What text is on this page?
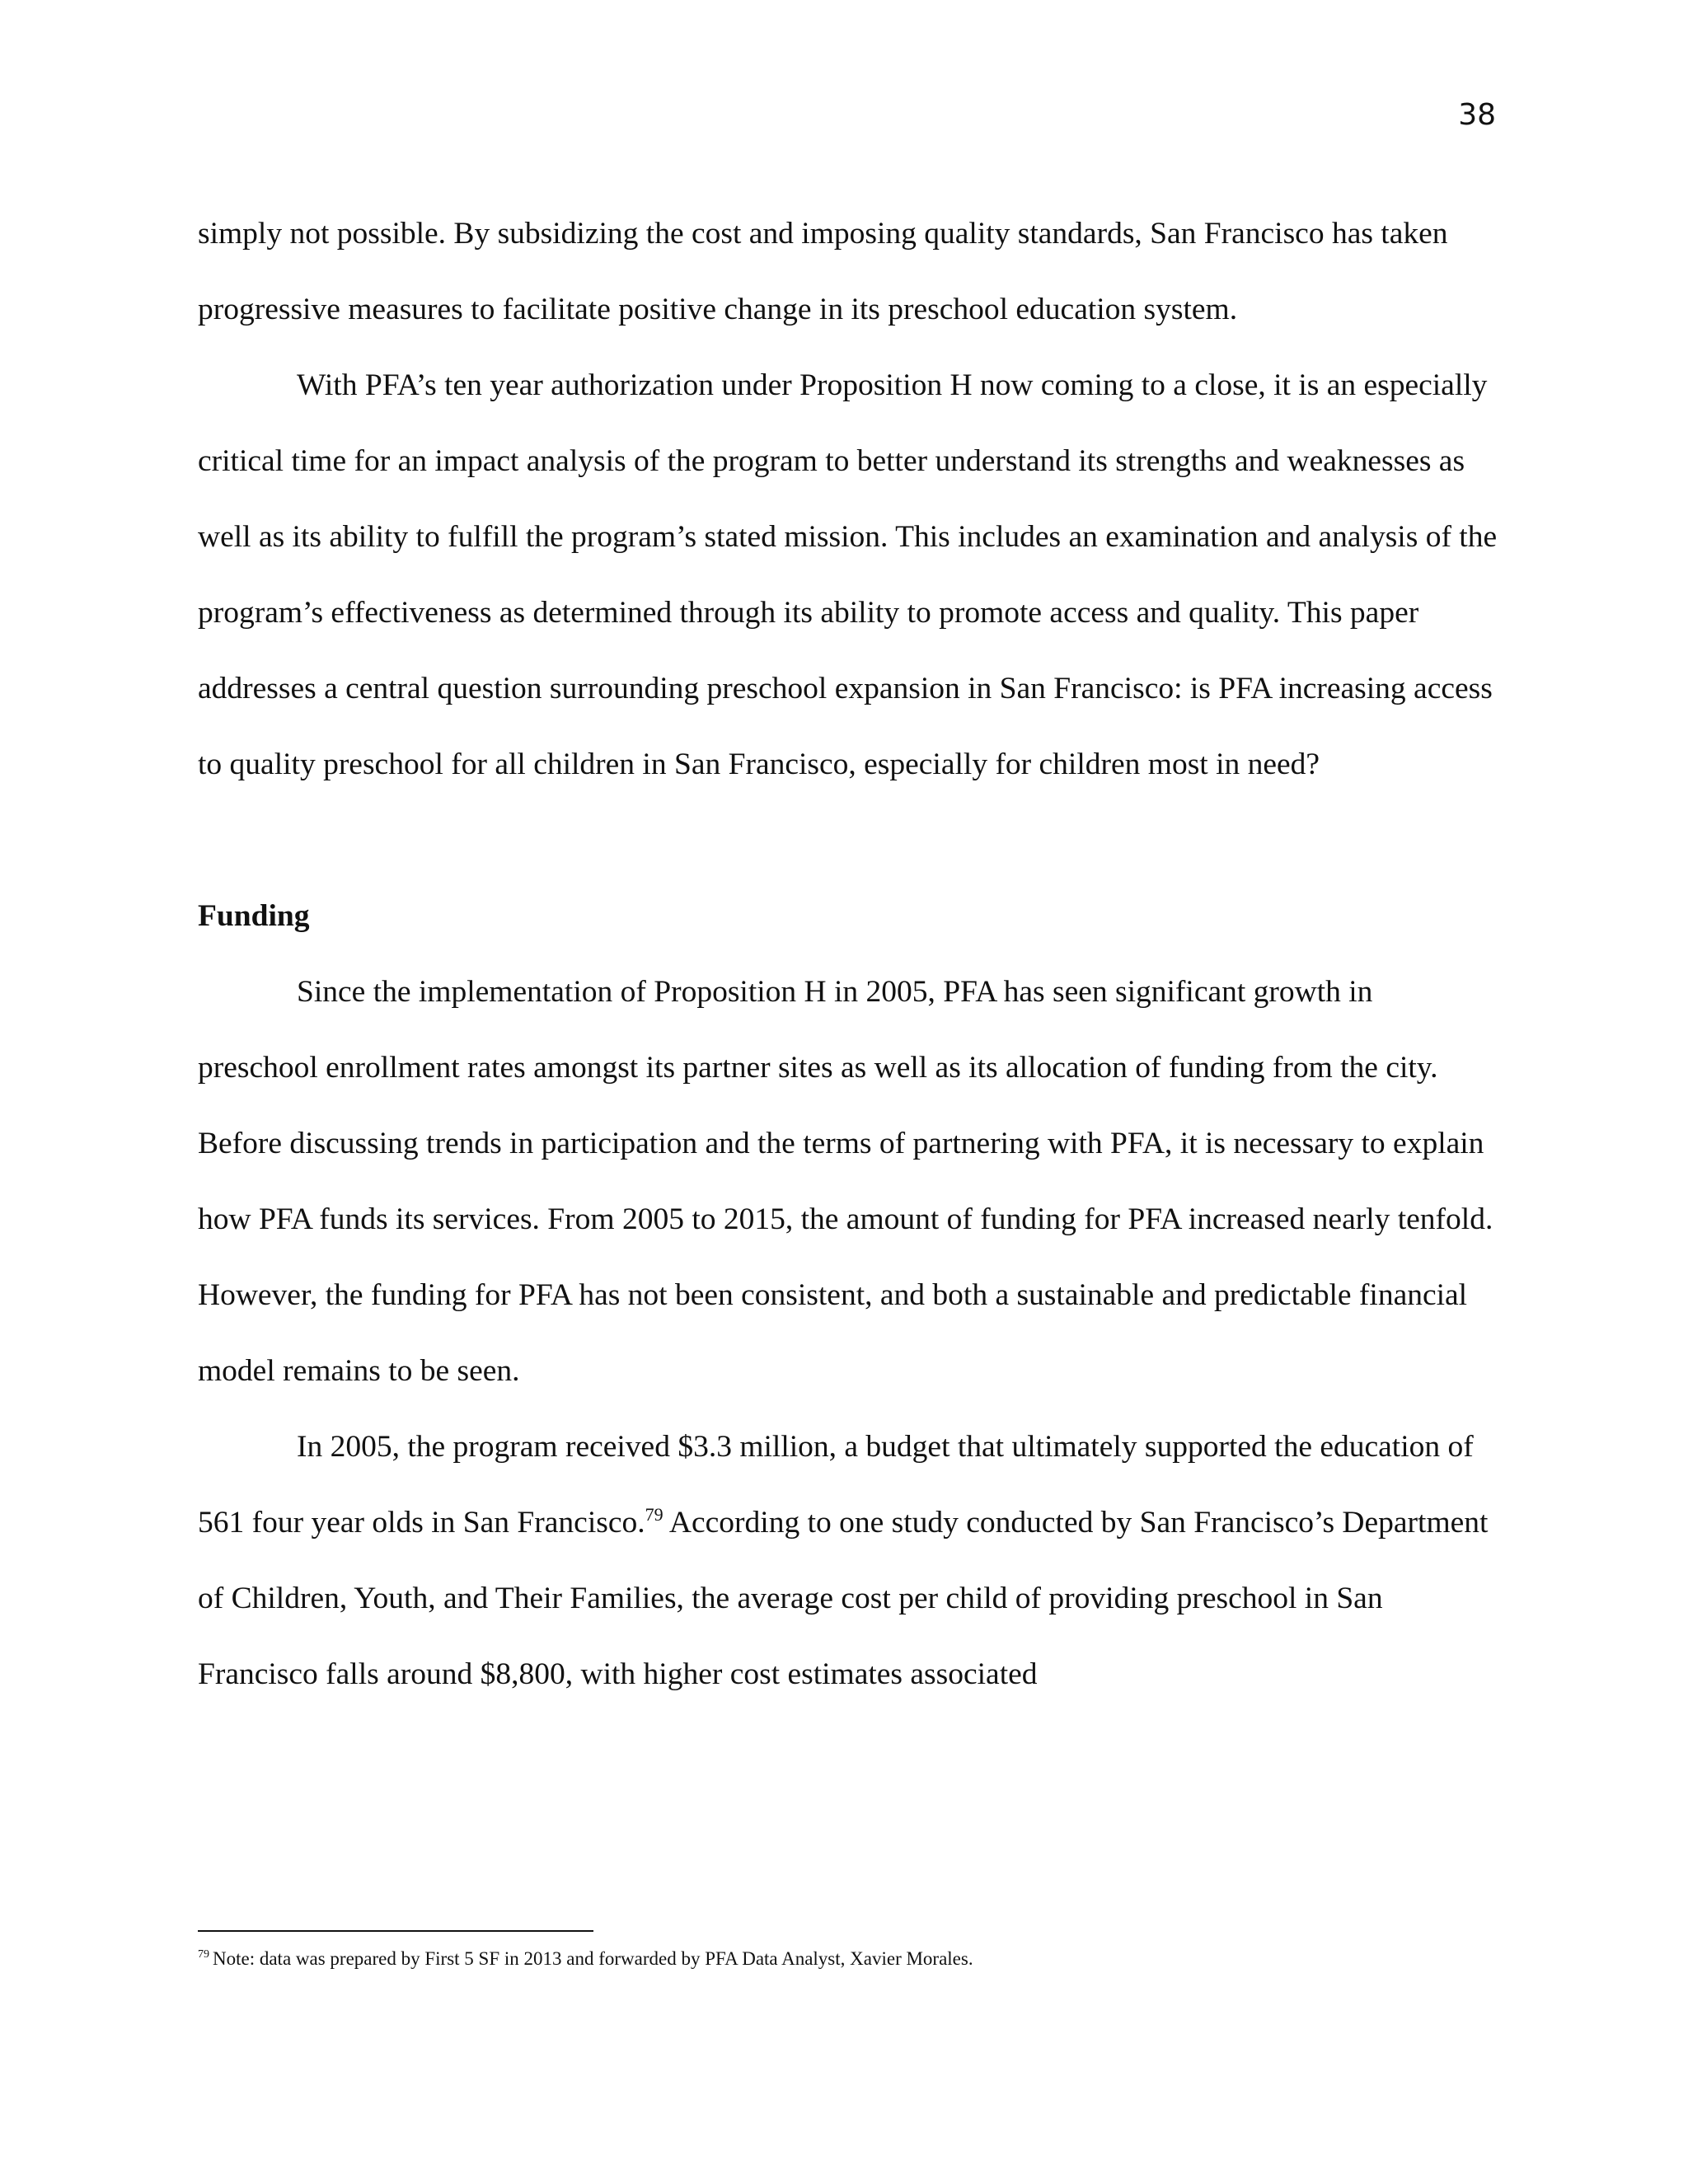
38

simply not possible. By subsidizing the cost and imposing quality standards, San Francisco has taken progressive measures to facilitate positive change in its preschool education system.

With PFA’s ten year authorization under Proposition H now coming to a close, it is an especially critical time for an impact analysis of the program to better understand its strengths and weaknesses as well as its ability to fulfill the program’s stated mission. This includes an examination and analysis of the program’s effectiveness as determined through its ability to promote access and quality. This paper addresses a central question surrounding preschool expansion in San Francisco: is PFA increasing access to quality preschool for all children in San Francisco, especially for children most in need?

Funding

Since the implementation of Proposition H in 2005, PFA has seen significant growth in preschool enrollment rates amongst its partner sites as well as its allocation of funding from the city. Before discussing trends in participation and the terms of partnering with PFA, it is necessary to explain how PFA funds its services. From 2005 to 2015, the amount of funding for PFA increased nearly tenfold. However, the funding for PFA has not been consistent, and both a sustainable and predictable financial model remains to be seen.

In 2005, the program received $3.3 million, a budget that ultimately supported the education of 561 four year olds in San Francisco.$^{79}$ According to one study conducted by San Francisco’s Department of Children, Youth, and Their Families, the average cost per child of providing preschool in San Francisco falls around $8,800, with higher cost estimates associated

$^{79}$ Note: data was prepared by First 5 SF in 2013 and forwarded by PFA Data Analyst, Xavier Morales.
